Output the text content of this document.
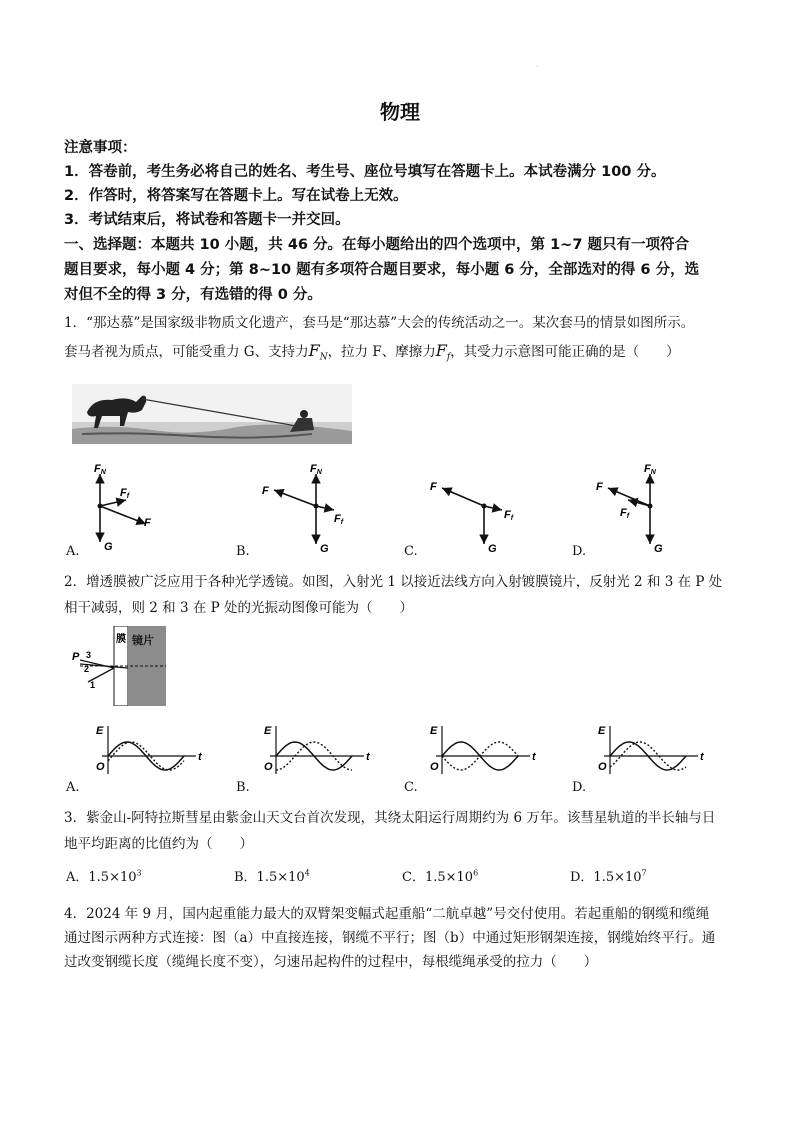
·
物理
注意事项：
1．答卷前，考生务必将自己的姓名、考生号、座位号填写在答题卡上。本试卷满分 100 分。
2．作答时，将答案写在答题卡上。写在试卷上无效。
3．考试结束后，将试卷和答题卡一并交回。
一、选择题：本题共 10 小题，共 46 分。在每小题给出的四个选项中，第 1~7 题只有一项符合
题目要求，每小题 4 分；第 8~10 题有多项符合题目要求，每小题 6 分，全部选对的得 6 分，选
对但不全的得 3 分，有选错的得 0 分。
1．“那达慕”是国家级非物质文化遗产，套马是“那达慕”大会的传统活动之一。某次套马的情景如图所示。
套马者视为质点，可能受重力 G、支持力$F_N$，拉力 F、摩擦力$F_f$，其受力示意图可能正确的是（　　）
FN
Ff
F
G
FN
F
Ff
G
F
Ff
G
FN
F
Ff
G
A.	B.	C.	D.
2．增透膜被广泛应用于各种光学透镜。如图，入射光 1 以接近法线方向入射镀膜镜片，反射光 2 和 3 在 P 处
相干减弱，则 2 和 3 在 P 处的光振动图像可能为（　　）
膜 镜片
P 3
2
1
E
O
t
E
O
t
E
O
t
E
O
t
A.	B.	C.	D.
3．紫金山-阿特拉斯彗星由紫金山天文台首次发现，其绕太阳运行周期约为 6 万年。该彗星轨道的半长轴与日
地平均距离的比值约为（　　）
A．$1.5\times 10^3$	B．$1.5\times 10^4$	C．$1.5\times 10^6$	D．$1.5\times 10^7$
4．2024 年 9 月，国内起重能力最大的双臂架变幅式起重船“二航卓越”号交付使用。若起重船的钢缆和缆绳
通过图示两种方式连接：图（a）中直接连接，钢缆不平行；图（b）中通过矩形钢架连接，钢缆始终平行。通
过改变钢缆长度（缆绳长度不变），匀速吊起构件的过程中，每根缆绳承受的拉力（　　）
